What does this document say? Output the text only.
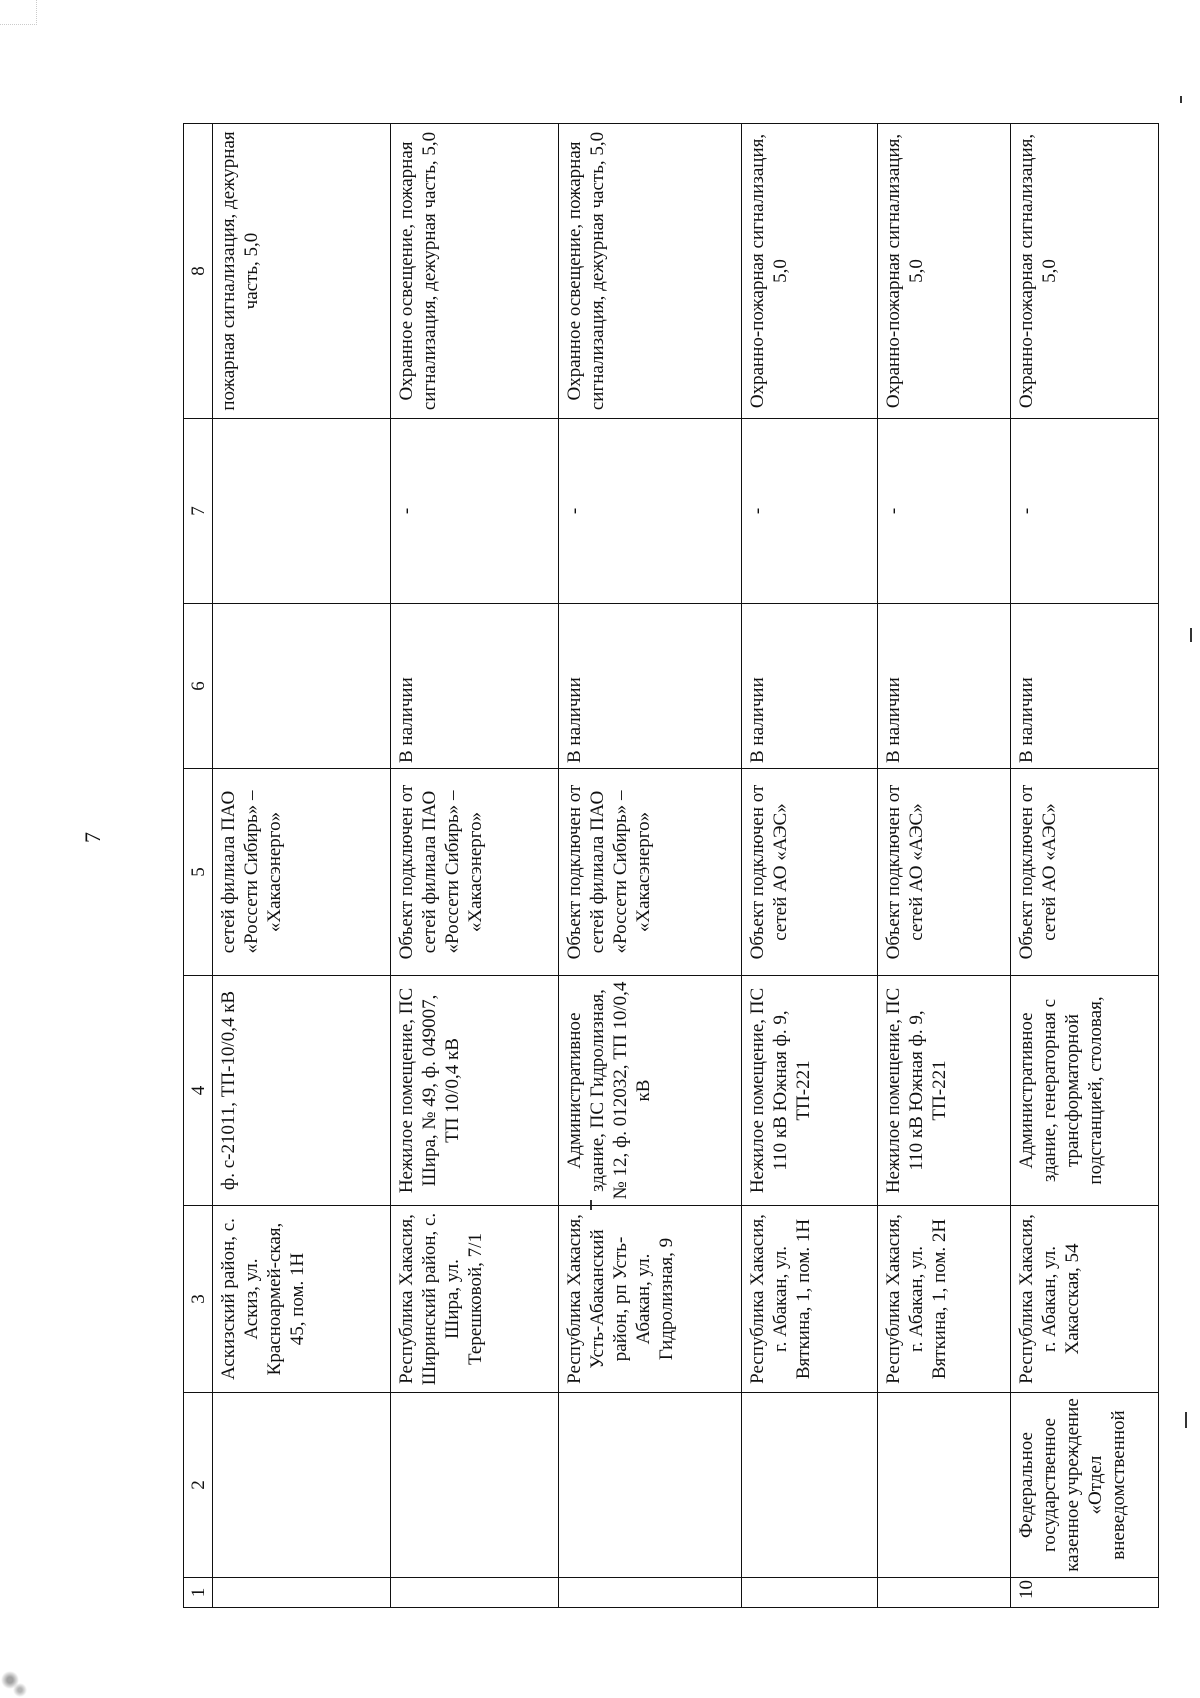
7
1	2	3	4	5	6	7	8
		Аскизский район, с. Аскиз, ул. Красноармей-ская, 45, пом. 1Н	ф. с-21011, ТП-10/0,4 кВ	сетей филиала ПАО «Россети Сибирь» – «Хакасэнерго»			пожарная сигнализация, дежурная часть, 5,0
		Республика Хакасия, Ширинский район, с. Шира, ул. Терешковой, 7/1	Нежилое помещение, ПС Шира, № 49, ф. 049007, ТП 10/0,4 кВ	Объект подключен от сетей филиала ПАО «Россети Сибирь» – «Хакасэнерго»	В наличии	-	Охранное освещение, пожарная сигнализация, дежурная часть, 5,0
		Республика Хакасия, Усть-Абаканский район, рп Усть-Абакан, ул. Гидролизная, 9	Административное здание, ПС Гидролизная, № 12, ф. 012032, ТП 10/0,4 кВ	Объект подключен от сетей филиала ПАО «Россети Сибирь» – «Хакасэнерго»	В наличии	-	Охранное освещение, пожарная сигнализация, дежурная часть, 5,0
		Республика Хакасия, г. Абакан, ул. Вяткина, 1, пом. 1Н	Нежилое помещение, ПС 110 кВ Южная ф. 9, ТП-221	Объект подключен от сетей АО «АЭС»	В наличии	-	Охранно-пожарная сигнализация, 5,0
		Республика Хакасия, г. Абакан, ул. Вяткина, 1, пом. 2Н	Нежилое помещение, ПС 110 кВ Южная ф. 9, ТП-221	Объект подключен от сетей АО «АЭС»	В наличии	-	Охранно-пожарная сигнализация, 5,0
10	Федеральное государственное казенное учреждение «Отдел вневедомственной	Республика Хакасия, г. Абакан, ул. Хакасская, 54	Административное здание, генераторная с трансформаторной подстанцией, столовая,	Объект подключен от сетей АО «АЭС»	В наличии	-	Охранно-пожарная сигнализация, 5,0
